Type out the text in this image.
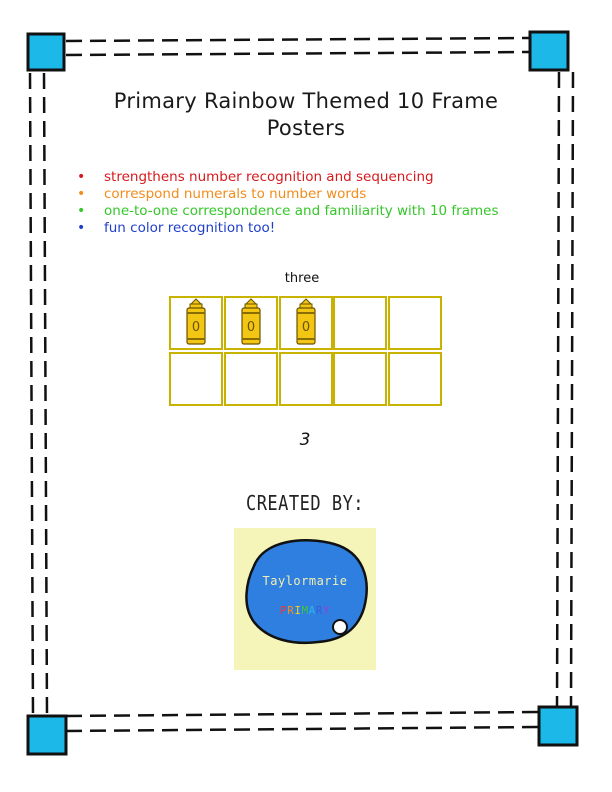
Primary Rainbow Themed 10 Frame
Posters
• strengthens number recognition and sequencing
• correspond numerals to number words
• one-to-one correspondence and familiarity with 10 frames
• fun color recognition too!
three
0	0	0
3
CREATED BY:
Taylormarie
PRIMARY
